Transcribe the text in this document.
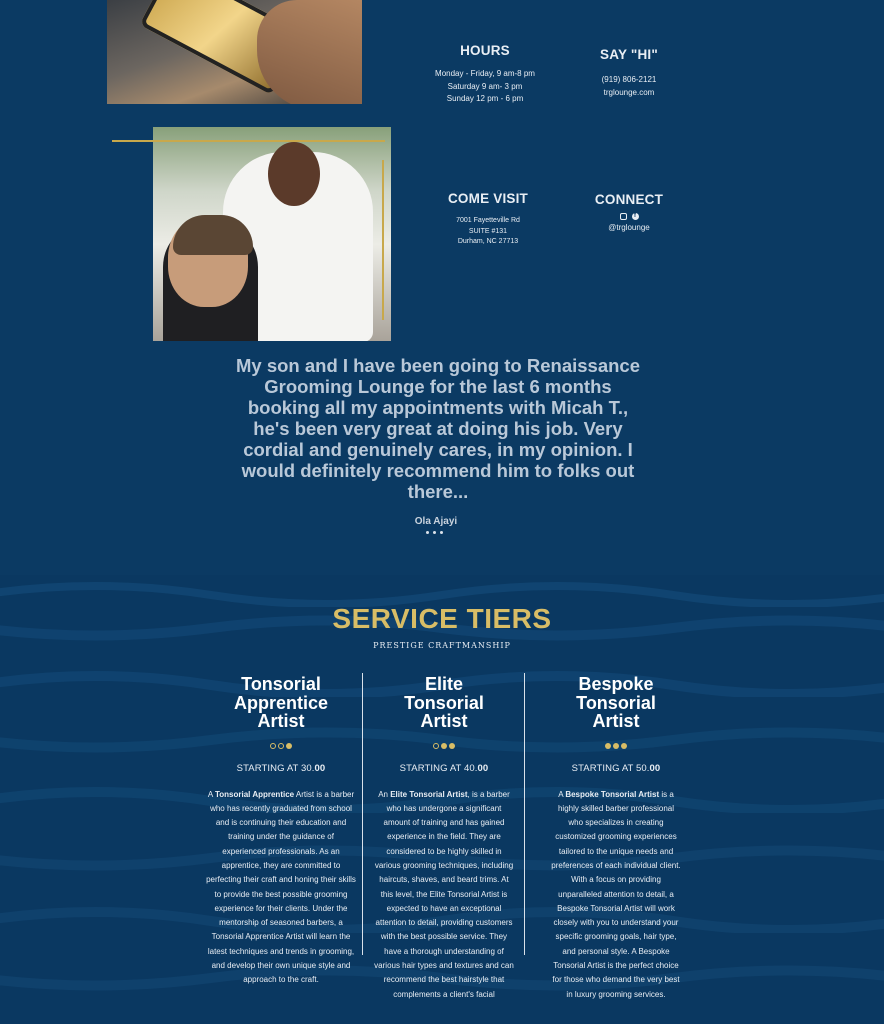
HOURS

Monday - Friday, 9 am-8 pm
Saturday 9 am- 3 pm
Sunday 12 pm - 6 pm

SAY "HI"

(919) 806-2121
trglounge.com

COME VISIT

7001 Fayetteville Rd
SUITE #131
Durham, NC 27713

CONNECT
f

@trglounge

My son and I have been going to Renaissance Grooming Lounge for the last 6 months booking all my appointments with Micah T., he's been very great at doing his job. Very cordial and genuinely cares, in my opinion. I would definitely recommend him to folks out there...
Ola Ajayi
SERVICE TIERS
PRESTIGE CRAFTMANSHIP
Tonsorial
Apprentice
Artist
STARTING AT 30.00
A Tonsorial Apprentice Artist is a barber who has recently graduated from school and is continuing their education and training under the guidance of experienced professionals. As an apprentice, they are committed to perfecting their craft and honing their skills to provide the best possible grooming experience for their clients. Under the mentorship of seasoned barbers, a Tonsorial Apprentice Artist will learn the latest techniques and trends in grooming, and develop their own unique style and approach to the craft.
Elite
Tonsorial
Artist
STARTING AT 40.00
An Elite Tonsorial Artist, is a barber who has undergone a significant amount of training and has gained experience in the field. They are considered to be highly skilled in various grooming techniques, including haircuts, shaves, and beard trims. At this level, the Elite Tonsorial Artist is expected to have an exceptional attention to detail, providing customers with the best possible service. They have a thorough understanding of various hair types and textures and can recommend the best hairstyle that complements a client's facial
Bespoke
Tonsorial
Artist
STARTING AT 50.00
A Bespoke Tonsorial Artist is a highly skilled barber professional who specializes in creating customized grooming experiences tailored to the unique needs and preferences of each individual client. With a focus on providing unparalleled attention to detail, a Bespoke Tonsorial Artist will work closely with you to understand your specific grooming goals, hair type, and personal style. A Bespoke Tonsorial Artist is the perfect choice for those who demand the very best in luxury grooming services.
